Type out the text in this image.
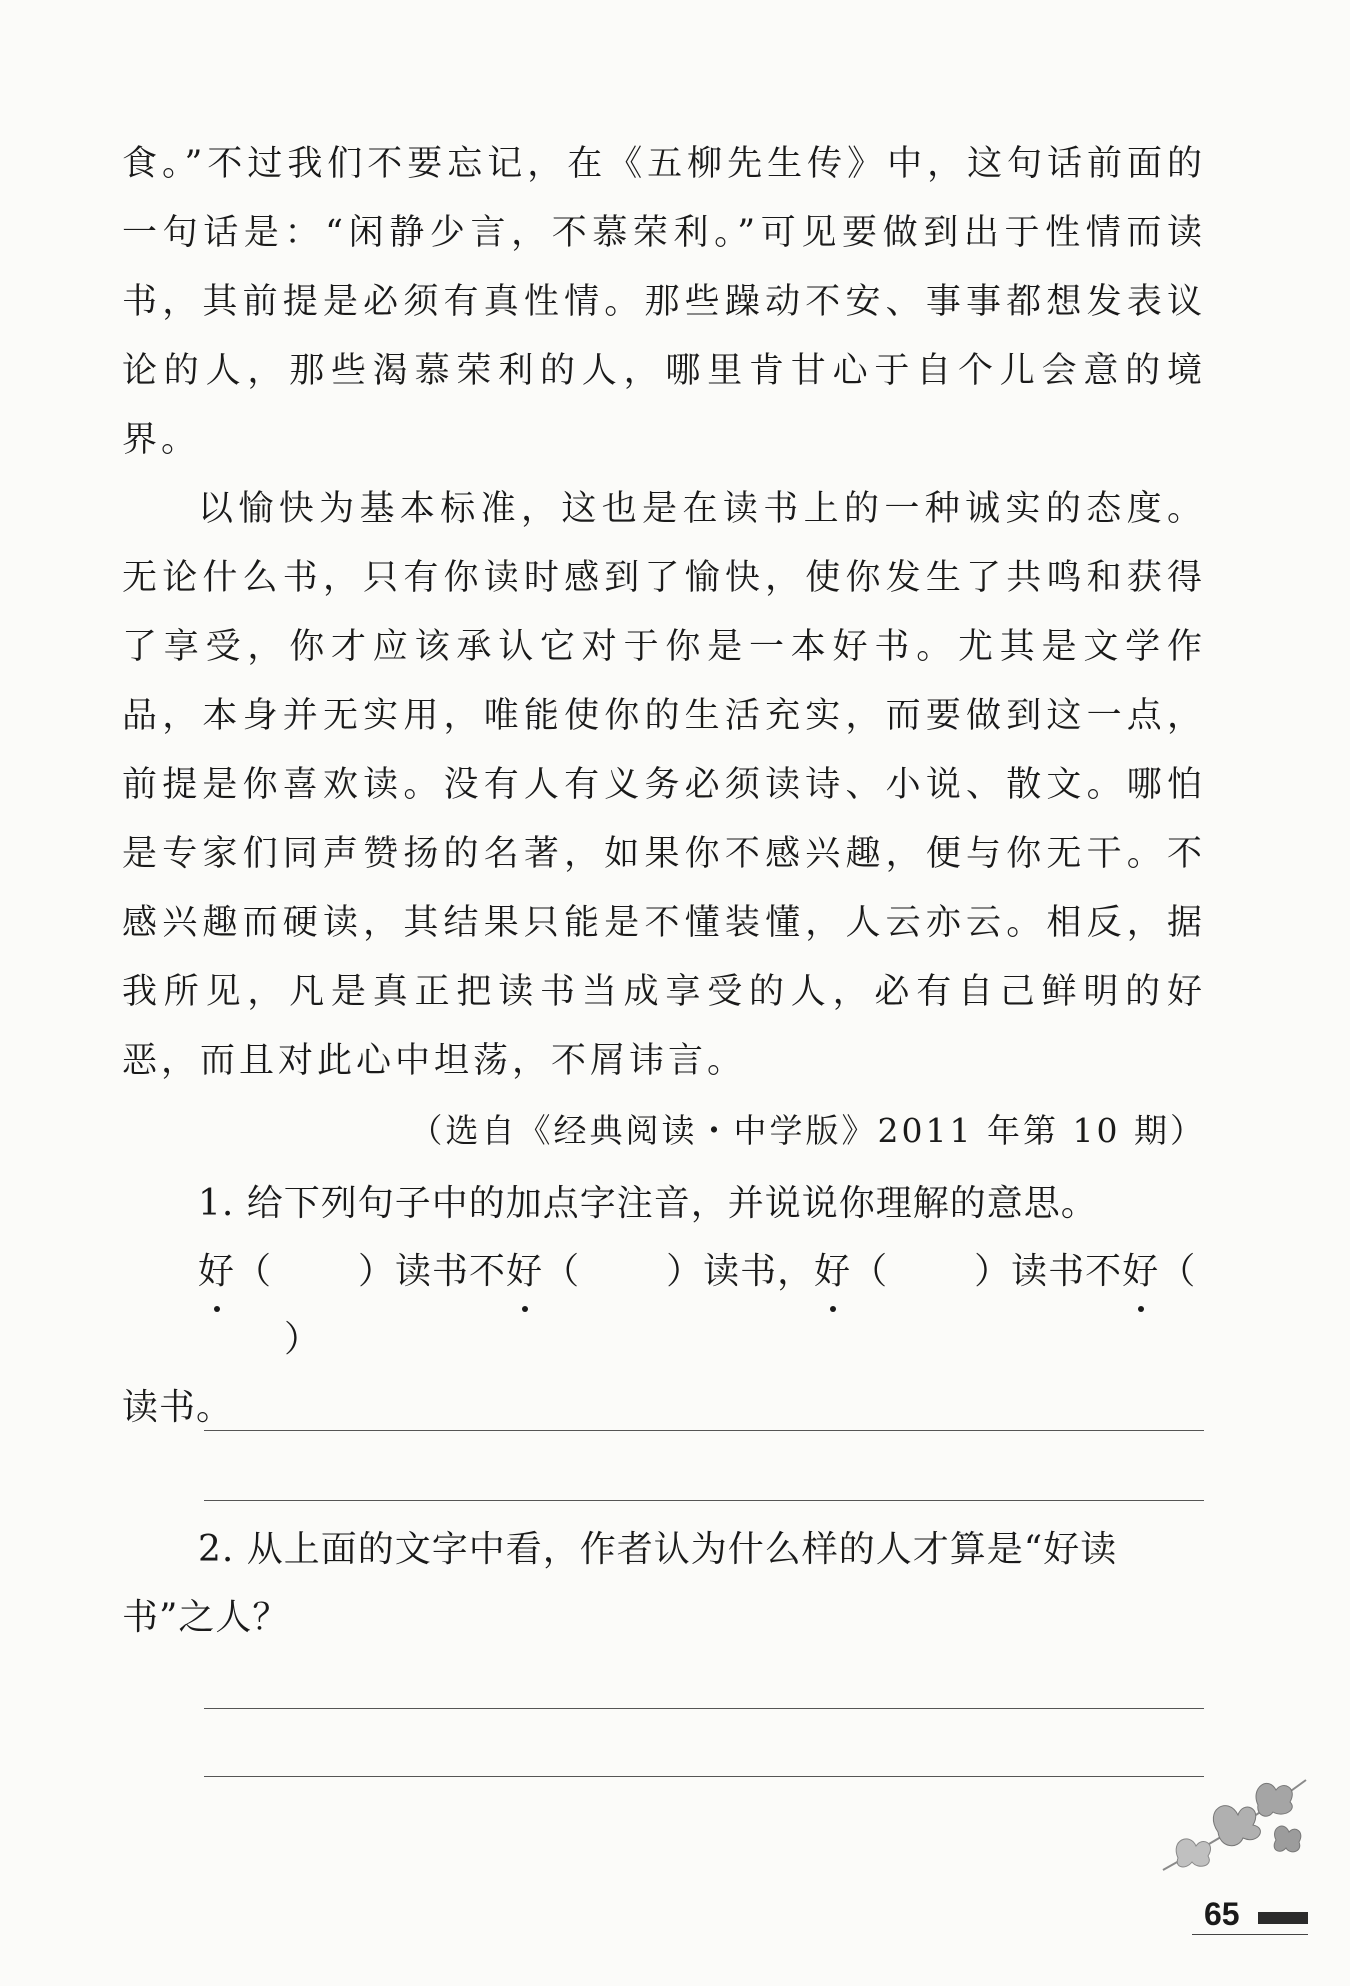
食。”不过我们不要忘记，在《五柳先生传》中，这句话前面的一句话是：“闲静少言，不慕荣利。”可见要做到出于性情而读书，其前提是必须有真性情。那些躁动不安、事事都想发表议论的人，那些渴慕荣利的人，哪里肯甘心于自个儿会意的境界。

以愉快为基本标准，这也是在读书上的一种诚实的态度。无论什么书，只有你读时感到了愉快，使你发生了共鸣和获得了享受，你才应该承认它对于你是一本好书。尤其是文学作品，本身并无实用，唯能使你的生活充实，而要做到这一点，前提是你喜欢读。没有人有义务必须读诗、小说、散文。哪怕是专家们同声赞扬的名著，如果你不感兴趣，便与你无干。不感兴趣而硬读，其结果只能是不懂装懂，人云亦云。相反，据我所见，凡是真正把读书当成享受的人，必有自己鲜明的好恶，而且对此心中坦荡，不屑讳言。

（选自《经典阅读・中学版》2011 年第 10 期）

1. 给下列句子中的加点字注音，并说说你理解的意思。

好（ ）读书不好（ ）读书，好（ ）读书不好（）

读书。

2. 从上面的文字中看，作者认为什么样的人才算是“好读

书”之人？

65
